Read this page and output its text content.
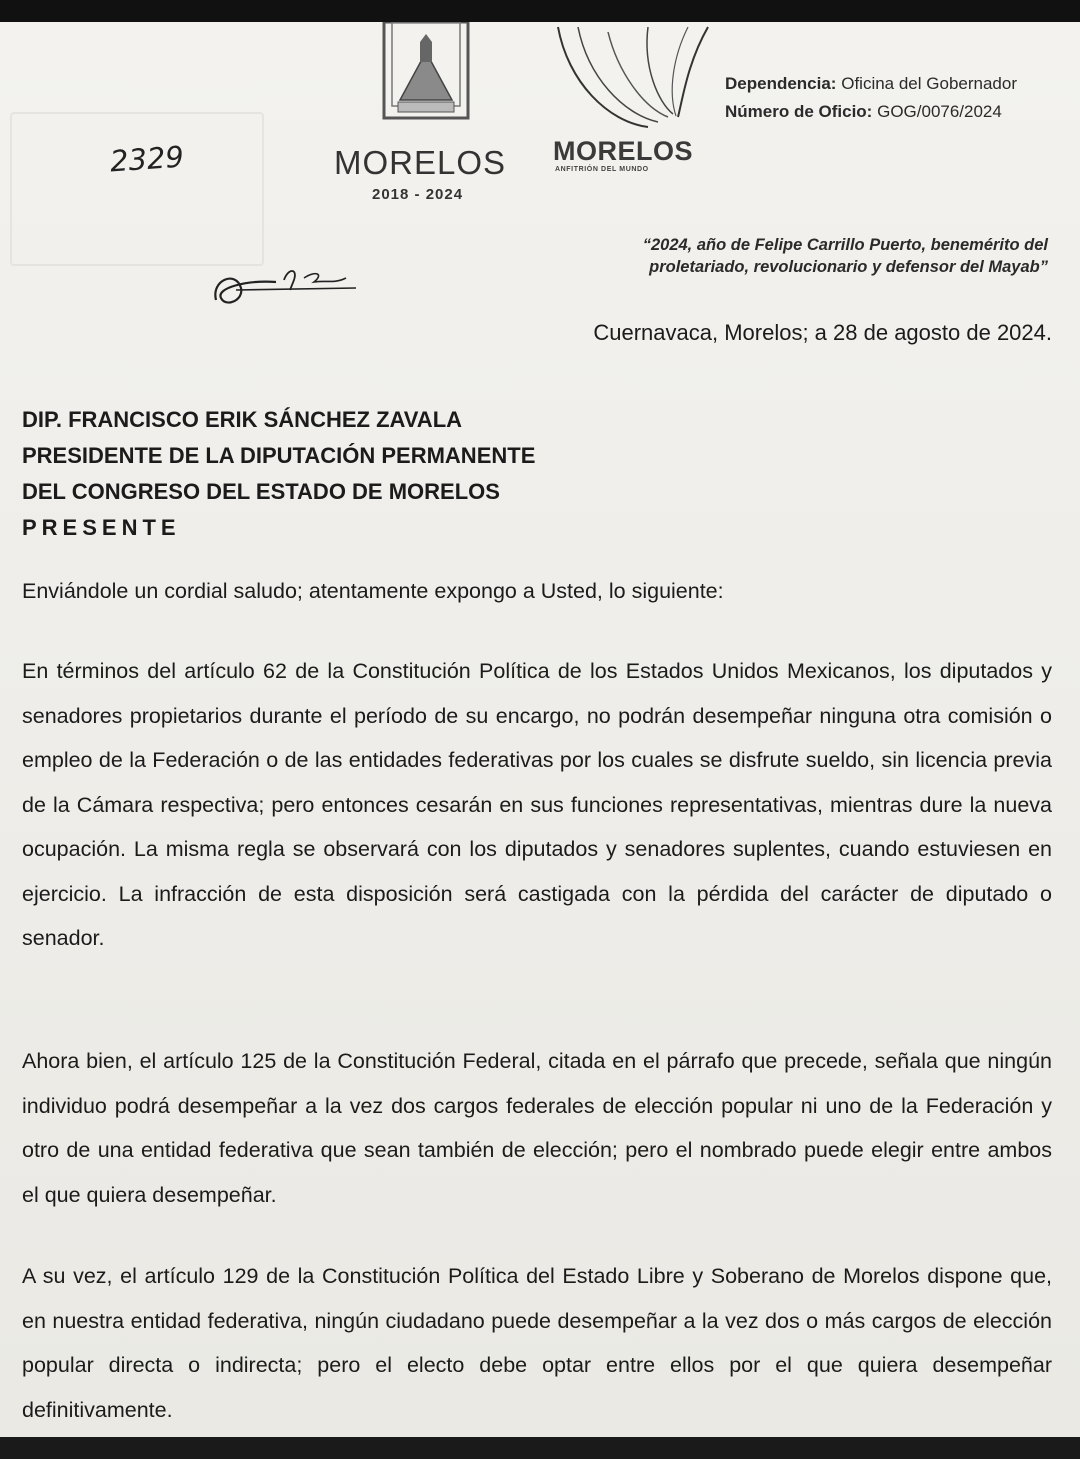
MORELOS
2018 - 2024
MORELOS
ANFITRIÓN DEL MUNDO
Dependencia: Oficina del Gobernador
Número de Oficio: GOG/0076/2024
“2024, año de Felipe Carrillo Puerto, benemérito del
proletariado, revolucionario y defensor del Mayab”
2329
Cuernavaca, Morelos; a 28 de agosto de 2024.
DIP. FRANCISCO ERIK SÁNCHEZ ZAVALA
PRESIDENTE DE LA DIPUTACIÓN PERMANENTE
DEL CONGRESO DEL ESTADO DE MORELOS
PRESENTE
Enviándole un cordial saludo; atentamente expongo a Usted, lo siguiente:
En términos del artículo 62 de la Constitución Política de los Estados Unidos Mexicanos, los diputados y senadores propietarios durante el período de su encargo, no podrán desempeñar ninguna otra comisión o empleo de la Federación o de las entidades federativas por los cuales se disfrute sueldo, sin licencia previa de la Cámara respectiva; pero entonces cesarán en sus funciones representativas, mientras dure la nueva ocupación. La misma regla se observará con los diputados y senadores suplentes, cuando estuviesen en ejercicio. La infracción de esta disposición será castigada con la pérdida del carácter de diputado o senador.
Ahora bien, el artículo 125 de la Constitución Federal, citada en el párrafo que precede, señala que ningún individuo podrá desempeñar a la vez dos cargos federales de elección popular ni uno de la Federación y otro de una entidad federativa que sean también de elección; pero el nombrado puede elegir entre ambos el que quiera desempeñar.
A su vez, el artículo 129 de la Constitución Política del Estado Libre y Soberano de Morelos dispone que, en nuestra entidad federativa, ningún ciudadano puede desempeñar a la vez dos o más cargos de elección popular directa o indirecta; pero el electo debe optar entre ellos por el que quiera desempeñar definitivamente.
